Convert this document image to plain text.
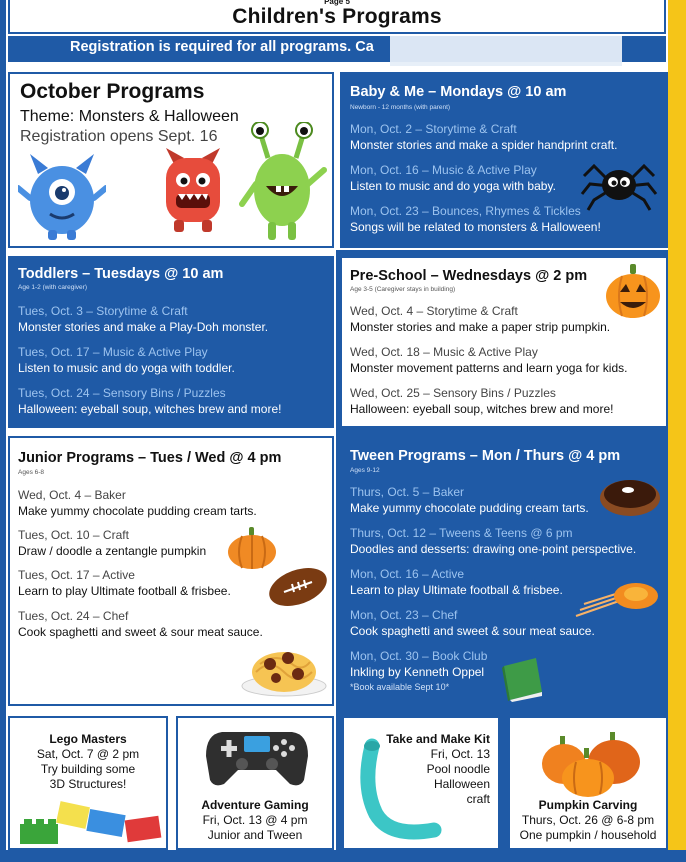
Page 5
Children's Programs
Registration is required for all programs. Ca
October Programs
Theme: Monsters & Halloween
Registration opens Sept. 16
Baby & Me – Mondays @ 10 am
Newborn - 12 months (with parent)
Mon, Oct. 2 – Storytime & Craft
Monster stories and make a spider handprint craft.
Mon, Oct. 16 – Music & Active Play
Listen to music and do yoga with baby.
Mon, Oct. 23 – Bounces, Rhymes & Tickles
Songs will be related to monsters & Halloween!
Toddlers – Tuesdays @ 10 am
Age 1-2 (with caregiver)
Tues, Oct. 3 – Storytime & Craft
Monster stories and make a Play-Doh monster.
Tues, Oct. 17 – Music & Active Play
Listen to music and do yoga with toddler.
Tues, Oct. 24 – Sensory Bins / Puzzles
Halloween: eyeball soup, witches brew and more!
Pre-School – Wednesdays @ 2 pm
Age 3-5 (Caregiver stays in building)
Wed, Oct. 4 – Storytime & Craft
Monster stories and make a paper strip pumpkin.
Wed, Oct. 18 – Music & Active Play
Monster movement patterns and learn yoga for kids.
Wed, Oct. 25 – Sensory Bins / Puzzles
Halloween: eyeball soup, witches brew and more!
Junior Programs – Tues / Wed @ 4 pm
Ages 6-8
Wed, Oct. 4 – Baker
Make yummy chocolate pudding cream tarts.
Tues, Oct. 10 – Craft
Draw / doodle a zentangle pumpkin
Tues, Oct. 17 – Active
Learn to play Ultimate football & frisbee.
Tues, Oct. 24 – Chef
Cook spaghetti and sweet & sour meat sauce.
Tween Programs – Mon / Thurs @ 4 pm
Ages 9-12
Thurs, Oct. 5 – Baker
Make yummy chocolate pudding cream tarts.
Thurs, Oct. 12 – Tweens & Teens @ 6 pm
Doodles and desserts: drawing one-point perspective.
Mon, Oct. 16 – Active
Learn to play Ultimate football & frisbee.
Mon, Oct. 23 – Chef
Cook spaghetti and sweet & sour meat sauce.
Mon, Oct. 30 – Book Club
Inkling by Kenneth Oppel
*Book available Sept 10*
Lego Masters
Sat, Oct. 7 @ 2 pm
Try building some
3D Structures!
Adventure Gaming
Fri, Oct. 13 @ 4 pm
Junior and Tween
Take and Make Kit
Fri, Oct. 13
Pool noodle
Halloween
craft	Pumpkin Carving
Thurs, Oct. 26 @ 6-8 pm
One pumpkin / household
